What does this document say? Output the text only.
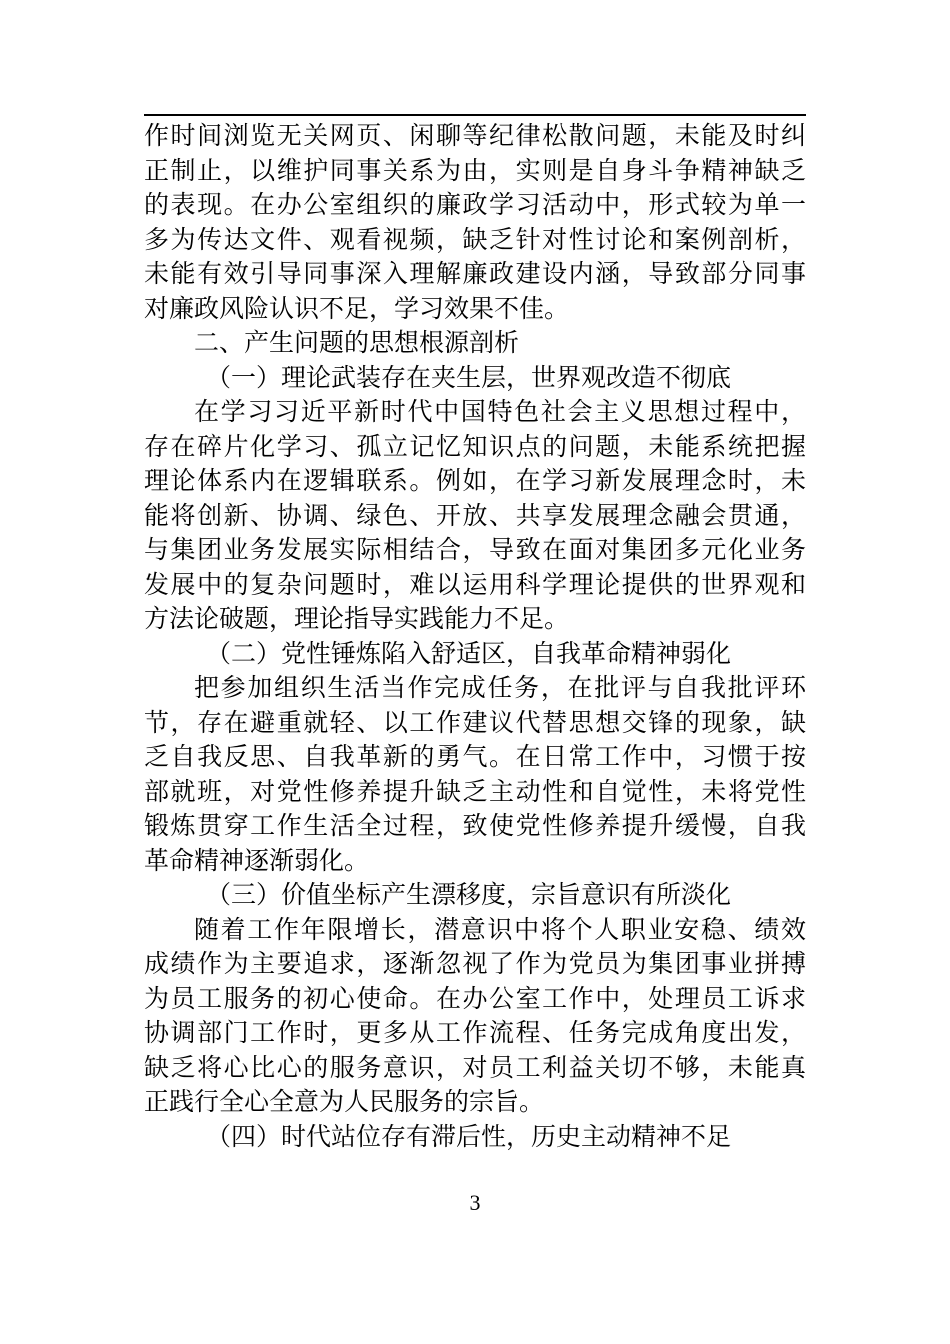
作时间浏览无关网页、闲聊等纪律松散问题，未能及时纠
正制止，以维护同事关系为由，实则是自身斗争精神缺乏
的表现。在办公室组织的廉政学习活动中，形式较为单一
多为传达文件、观看视频，缺乏针对性讨论和案例剖析，
未能有效引导同事深入理解廉政建设内涵，导致部分同事
对廉政风险认识不足，学习效果不佳。
二、产生问题的思想根源剖析
（一）理论武装存在夹生层，世界观改造不彻底
在学习习近平新时代中国特色社会主义思想过程中，
存在碎片化学习、孤立记忆知识点的问题，未能系统把握
理论体系内在逻辑联系。例如，在学习新发展理念时，未
能将创新、协调、绿色、开放、共享发展理念融会贯通，
与集团业务发展实际相结合，导致在面对集团多元化业务
发展中的复杂问题时，难以运用科学理论提供的世界观和
方法论破题，理论指导实践能力不足。
（二）党性锤炼陷入舒适区，自我革命精神弱化
把参加组织生活当作完成任务，在批评与自我批评环
节，存在避重就轻、以工作建议代替思想交锋的现象，缺
乏自我反思、自我革新的勇气。在日常工作中，习惯于按
部就班，对党性修养提升缺乏主动性和自觉性，未将党性
锻炼贯穿工作生活全过程，致使党性修养提升缓慢，自我
革命精神逐渐弱化。
（三）价值坐标产生漂移度，宗旨意识有所淡化
随着工作年限增长，潜意识中将个人职业安稳、绩效
成绩作为主要追求，逐渐忽视了作为党员为集团事业拼搏
为员工服务的初心使命。在办公室工作中，处理员工诉求
协调部门工作时，更多从工作流程、任务完成角度出发，
缺乏将心比心的服务意识，对员工利益关切不够，未能真
正践行全心全意为人民服务的宗旨。
（四）时代站位存有滞后性，历史主动精神不足
3
